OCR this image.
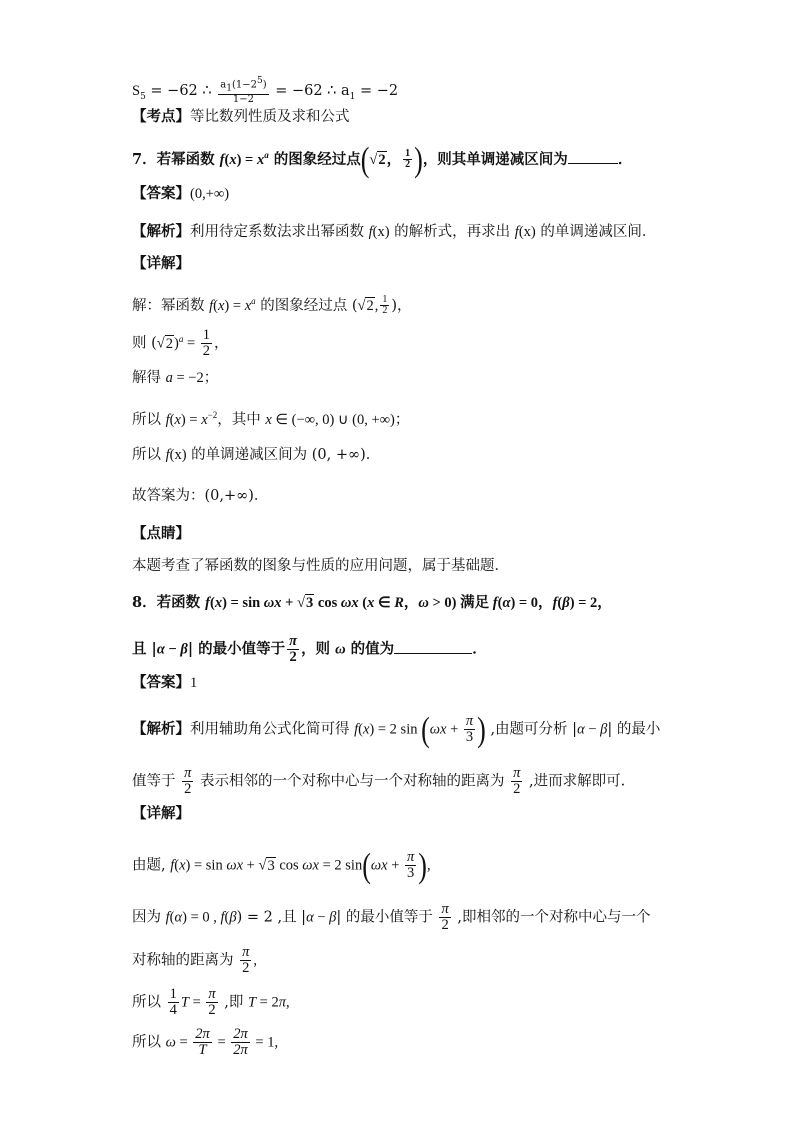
$S_5 = -62$ ∴ $\frac{a_1(1-2^5)}{1-2} = -62$ ∴ $a_1 = -2$
【考点】等比数列性质及求和公式
7．若幂函数 $f(x) = x^a$ 的图象经过点(√2， $\frac{1}{2}$ )，则其单调递减区间为	．
【答案】(0,+∞)
【解析】利用待定系数法求出幂函数 f(x) 的解析式，再求出 f(x) 的单调递减区间．
【详解】
解：幂函数 $f(x) = x^a$ 的图象经过点 (√2, $\frac{1}{2}$ )，
则 $(√2)^a = \frac{1}{2}$ ，
解得 a = −2；
所以 $f(x) = x^{-2}$，其中 x ∈ (−∞, 0) ∪ (0, +∞)；
所以 f(x) 的单调递减区间为 (0, +∞)．
故答案为：(0,+∞)．
【点睛】
本题考查了幂函数的图象与性质的应用问题，属于基础题．
8．若函数 f(x) = sin ωx + √3 cos ωx (x ∈ R，ω > 0) 满足 f(α) = 0，f(β) = 2，
且 |α − β| 的最小值等于 $\frac{\pi}{2}$ ，则 ω 的值为	．
【答案】1
【解析】利用辅助角公式化简可得 f(x) = 2 $\sin (\omega x + \frac{\pi}{3}$ ) ,由题可分析 |α − β| 的最小
值等于 $\frac{\pi}{2}$ 表示相邻的一个对称中心与一个对称轴的距离为 $\frac{\pi}{2}$ ,进而求解即可.
【详解】
由题, f(x) = sin ωx + √3 cos ωx = 2 $\sin(\omega x + \frac{\pi}{3}$ ),
因为 f(α) = 0 , f(β) = 2 ,且 |α − β| 的最小值等于 $\frac{\pi}{2}$ ,即相邻的一个对称中心与一个
对称轴的距离为 $\frac{\pi}{2}$ ,
所以 $\frac{1}{4}$ $T = \frac{\pi}{2}$ ,即 T = 2π,
所以 $\omega = \frac{2\pi}{T} = \frac{2\pi}{2\pi} = 1$,
